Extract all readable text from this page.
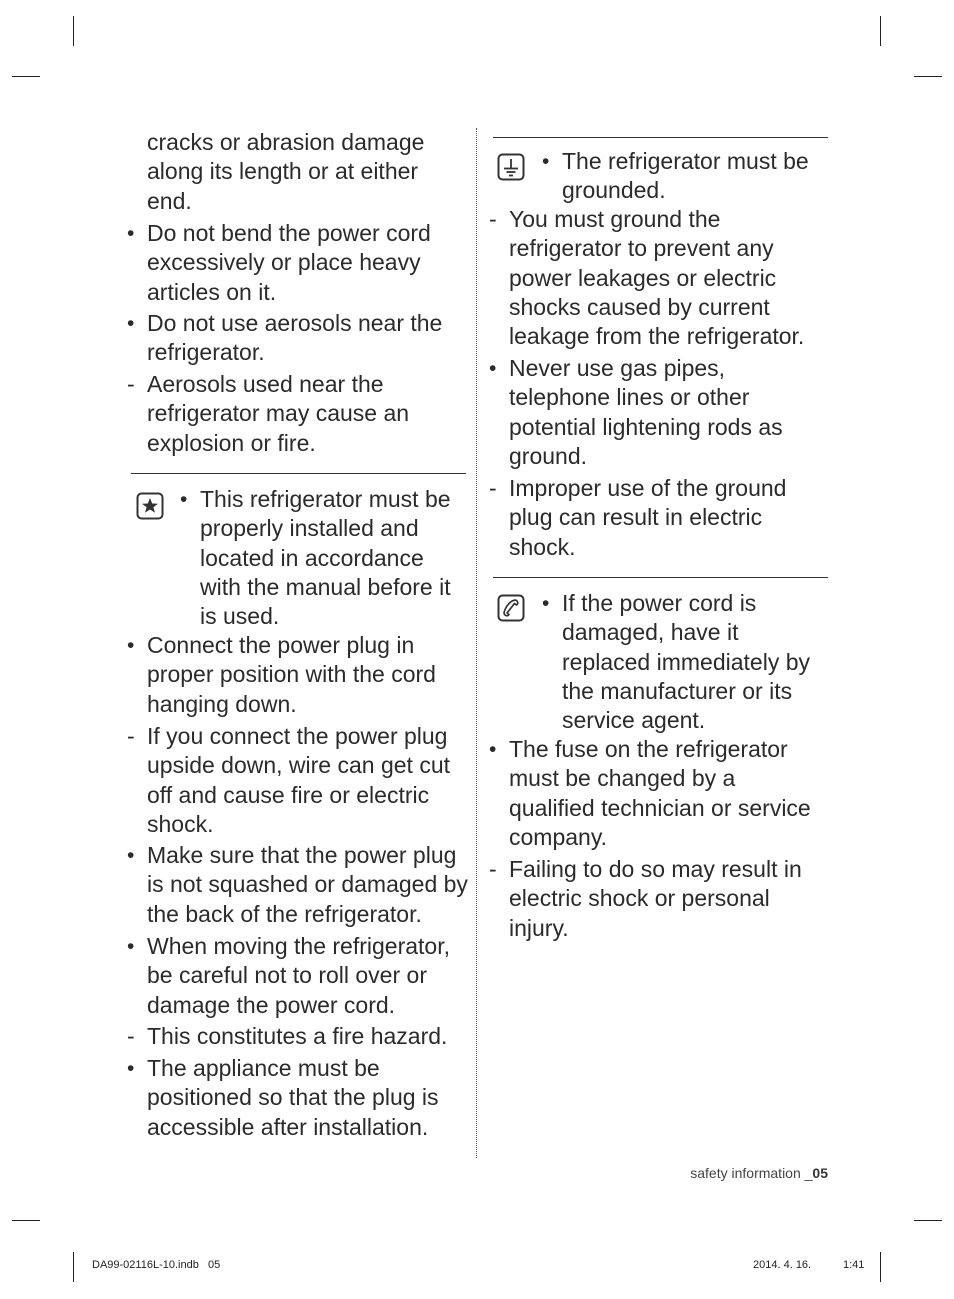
cracks or abrasion damage along its length or at either end.
• Do not bend the power cord excessively or place heavy articles on it.
• Do not use aerosols near the refrigerator.
- Aerosols used near the refrigerator may cause an explosion or fire.
• This refrigerator must be properly installed and located in accordance with the manual before it is used.
• Connect the power plug in proper position with the cord hanging down.
- If you connect the power plug upside down, wire can get cut off and cause fire or electric shock.
• Make sure that the power plug is not squashed or damaged by the back of the refrigerator.
• When moving the refrigerator, be careful not to roll over or damage the power cord.
- This constitutes a fire hazard.
• The appliance must be positioned so that the plug is accessible after installation.
• The refrigerator must be grounded.
- You must ground the refrigerator to prevent any power leakages or electric shocks caused by current leakage from the refrigerator.
• Never use gas pipes, telephone lines or other potential lightening rods as ground.
- Improper use of the ground plug can result in electric shock.
• If the power cord is damaged, have it replaced immediately by the manufacturer or its service agent.
• The fuse on the refrigerator must be changed by a qualified technician or service company.
- Failing to do so may result in electric shock or personal injury.
safety information _05
DA99-02116L-10.indb   05	2014. 4. 16.	1:41
